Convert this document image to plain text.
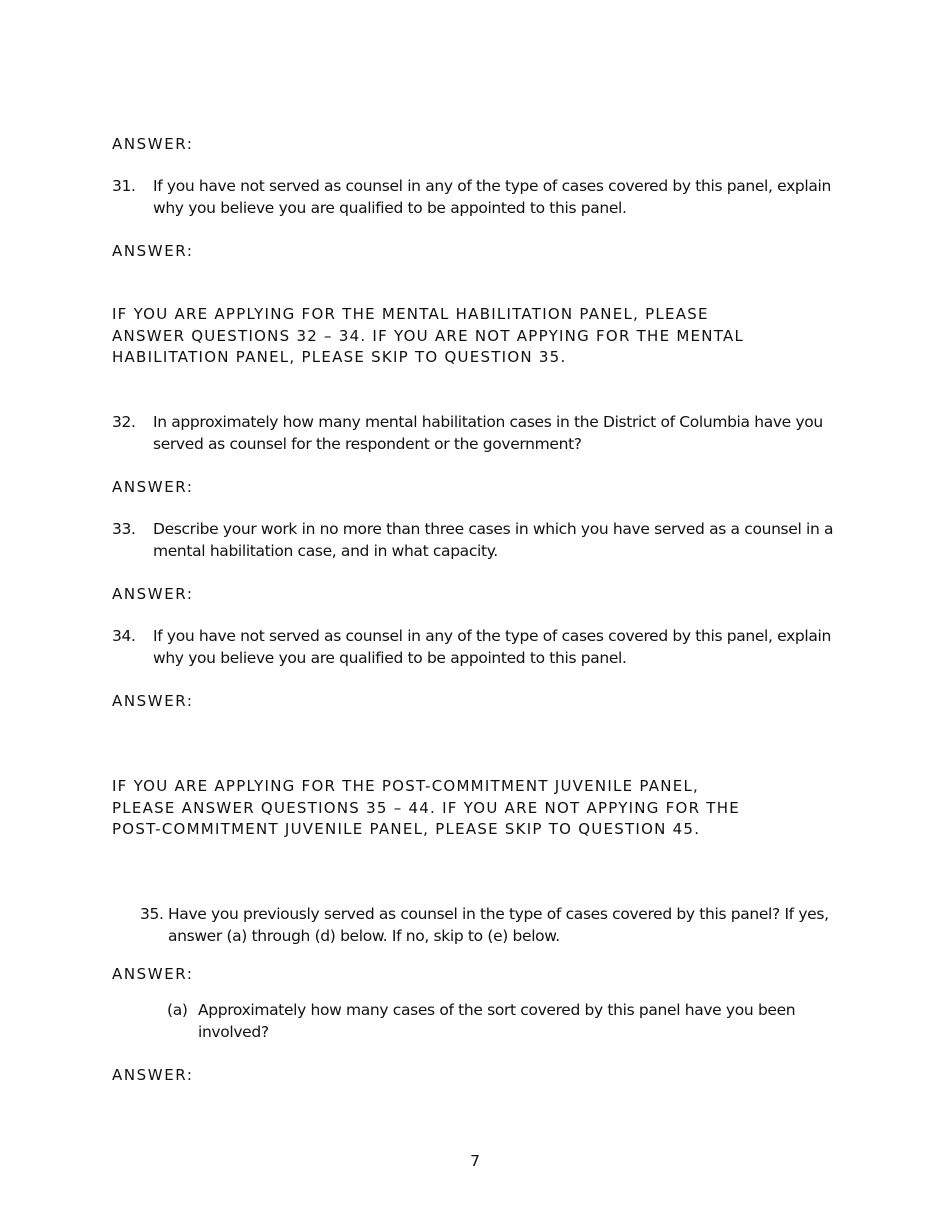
ANSWER:
31. If you have not served as counsel in any of the type of cases covered by this panel, explain why you believe you are qualified to be appointed to this panel.
ANSWER:
IF YOU ARE APPLYING FOR THE MENTAL HABILITATION PANEL, PLEASE
ANSWER QUESTIONS 32 – 34. IF YOU ARE NOT APPYING FOR THE MENTAL
HABILITATION PANEL, PLEASE SKIP TO QUESTION 35.
32. In approximately how many mental habilitation cases in the District of Columbia have you served as counsel for the respondent or the government?
ANSWER:
33. Describe your work in no more than three cases in which you have served as a counsel in a mental habilitation case, and in what capacity.
ANSWER:
34. If you have not served as counsel in any of the type of cases covered by this panel, explain why you believe you are qualified to be appointed to this panel.
ANSWER:
IF YOU ARE APPLYING FOR THE POST-COMMITMENT JUVENILE PANEL,
PLEASE ANSWER QUESTIONS 35 – 44. IF YOU ARE NOT APPYING FOR THE
POST-COMMITMENT JUVENILE PANEL, PLEASE SKIP TO QUESTION 45.
35. Have you previously served as counsel in the type of cases covered by this panel? If yes, answer (a) through (d) below. If no, skip to (e) below.
ANSWER:
(a) Approximately how many cases of the sort covered by this panel have you been involved?
ANSWER:
7
